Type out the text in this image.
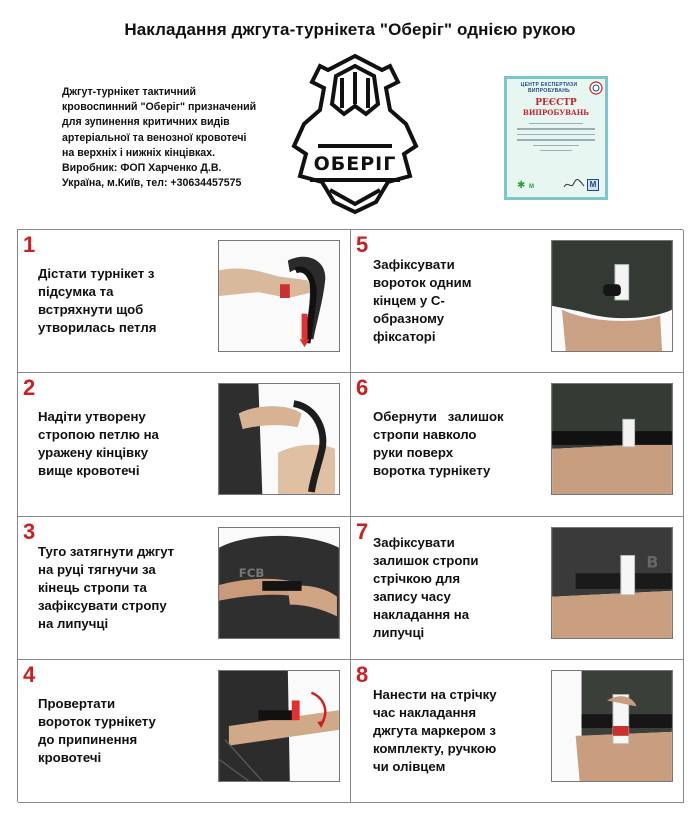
Накладання джгута-турнікета "Оберіг" однією рукою
Джгут-турнікет тактичний
кровоспинний "Оберіг" призначений
для зупинення критичних видів
артеріальної та венозної кровотечі
на верхніх і нижніх кінцівках.
Виробник: ФОП Харченко Д.В.
Україна, м.Київ, тел: +30634457575
ОБЕРІГ
ЦЕНТР ЕКСПЕРТИЗИ
ВИПРОБУВАНЬ
РЕЄСТР
ВИПРОБУВАНЬ
✱ М	M
1
Дістати турнікет з
підсумка та
встряхнути щоб
утворилась петля
5
Зафіксувати
вороток одним
кінцем у С-
образному
фіксаторі
2
Надіти утворену
стропою петлю на
уражену кінцівку
вище кровотечі
6
Обернути   залишок
стропи навколо
руки поверх
воротка турнікету
3
Туго затягнути джгут
на руці тягнучи за
кінець стропи та
зафіксувати стропу
на липучці
FCB
7 Зафіксувати
залишок стропи
стрічкою для
запису часу
накладання на
липучці
B
4
Провертати
вороток турнікету
до припинення
кровотечі
8
Нанести на стрічку
час накладання
джгута маркером з
комплекту, ручкою
чи олівцем
